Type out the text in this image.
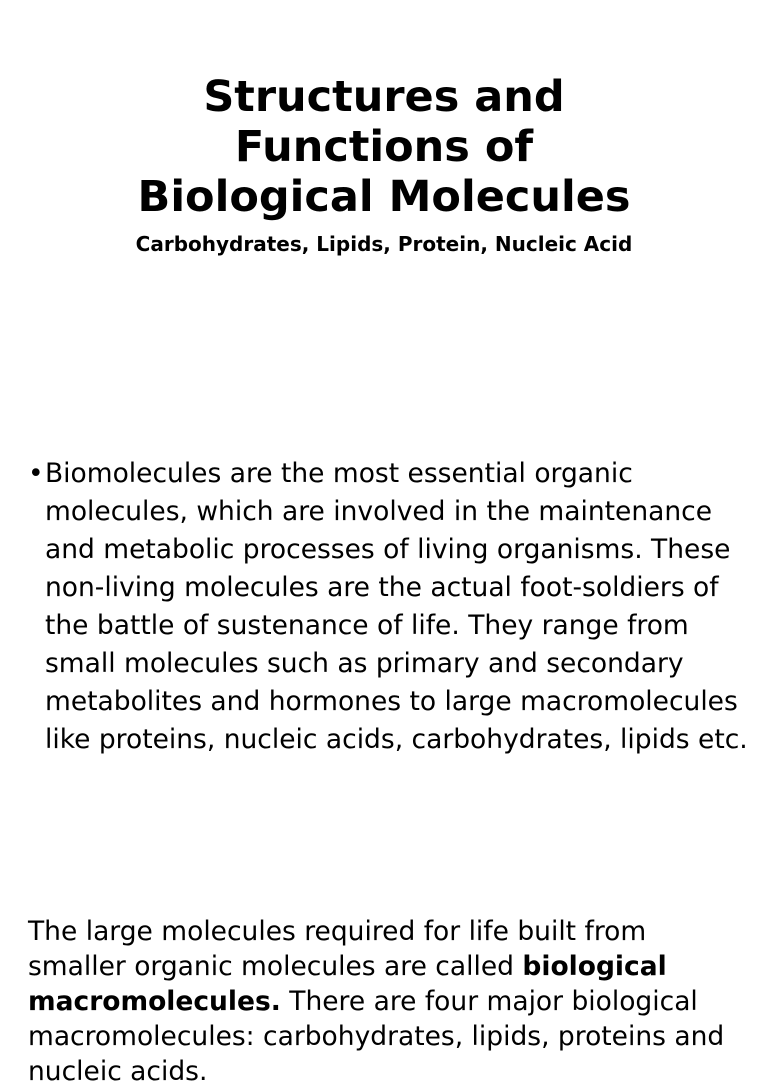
Structures and
Functions of
Biological Molecules

Carbohydrates, Lipids, Protein, Nucleic Acid

• Biomolecules are the most essential organic molecules, which are involved in the maintenance and metabolic processes of living organisms. These non-living molecules are the actual foot-soldiers of the battle of sustenance of life. They range from small molecules such as primary and secondary metabolites and hormones to large macromolecules like proteins, nucleic acids, carbohydrates, lipids etc.

The large molecules required for life built from smaller organic molecules are called biological macromolecules. There are four major biological macromolecules: carbohydrates, lipids, proteins and nucleic acids.
